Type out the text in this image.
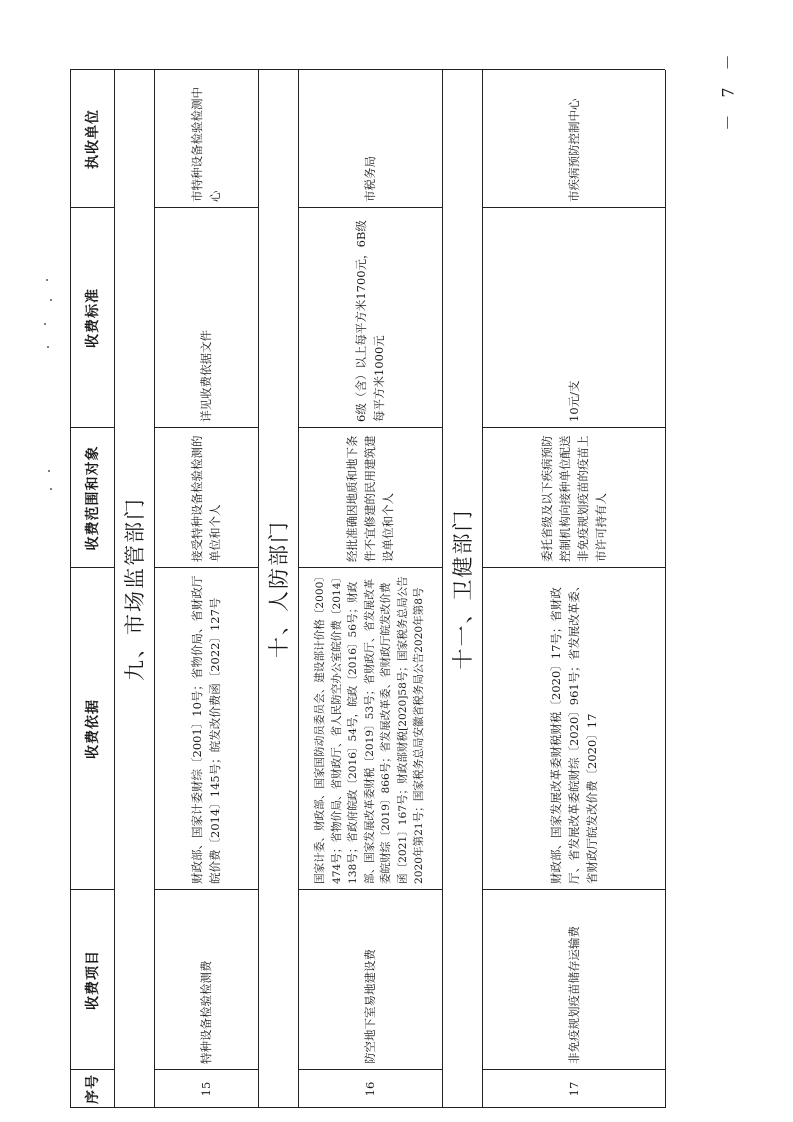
序号
收费项目
收费依据
收费范围和对象
收费标准
执收单位
九、市场监管部门
15
特种设备检验检测费
财政部、国家计委财综〔2001〕10号；省物价局、省财政厅皖价费〔2014〕145号；皖发改价费函〔2022〕127号
接受特种设备检验检测的单位和个人
详见收费依据文件
市特种设备检验检测中心
十、人防部门
16
防空地下室易地建设费
国家计委、财政部、国家国防动员委员会、建设部计价格〔2000〕474号；省物价局、省财政厅、省人民防空办公室皖价费〔2014〕138号；省政府皖政〔2016〕54号，皖政〔2016〕56号；财政部、国家发展改革委财税〔2019〕53号；省财政厅、省发展改革委皖财综〔2019〕866号；省发展改革委、省财政厅皖发改价费函〔2021〕167号；财政部财税[2020]58号；国家税务总局公告2020年第21号；国家税务总局安徽省税务局公告2020年第8号
经批准确因地质和地下条件不宜修建的民用建筑建设单位和个人
6级（含）以上每平方米1700元，6B级每平方米1000元
市税务局
十一、卫健部门
17
非免疫规划疫苗储存运输费
财政部、国家发展改革委财税财税〔2020〕17号；省财政厅、省发展改革委皖财综〔2020〕961号；省发展改革委、省财政厅皖发改价费〔2020〕17
委托省级及以下疾病预防控制机构向接种单位配送非免疫规划疫苗的疫苗上市许可持有人
10元/支
市疾病预防控制中心
－ 7 －
